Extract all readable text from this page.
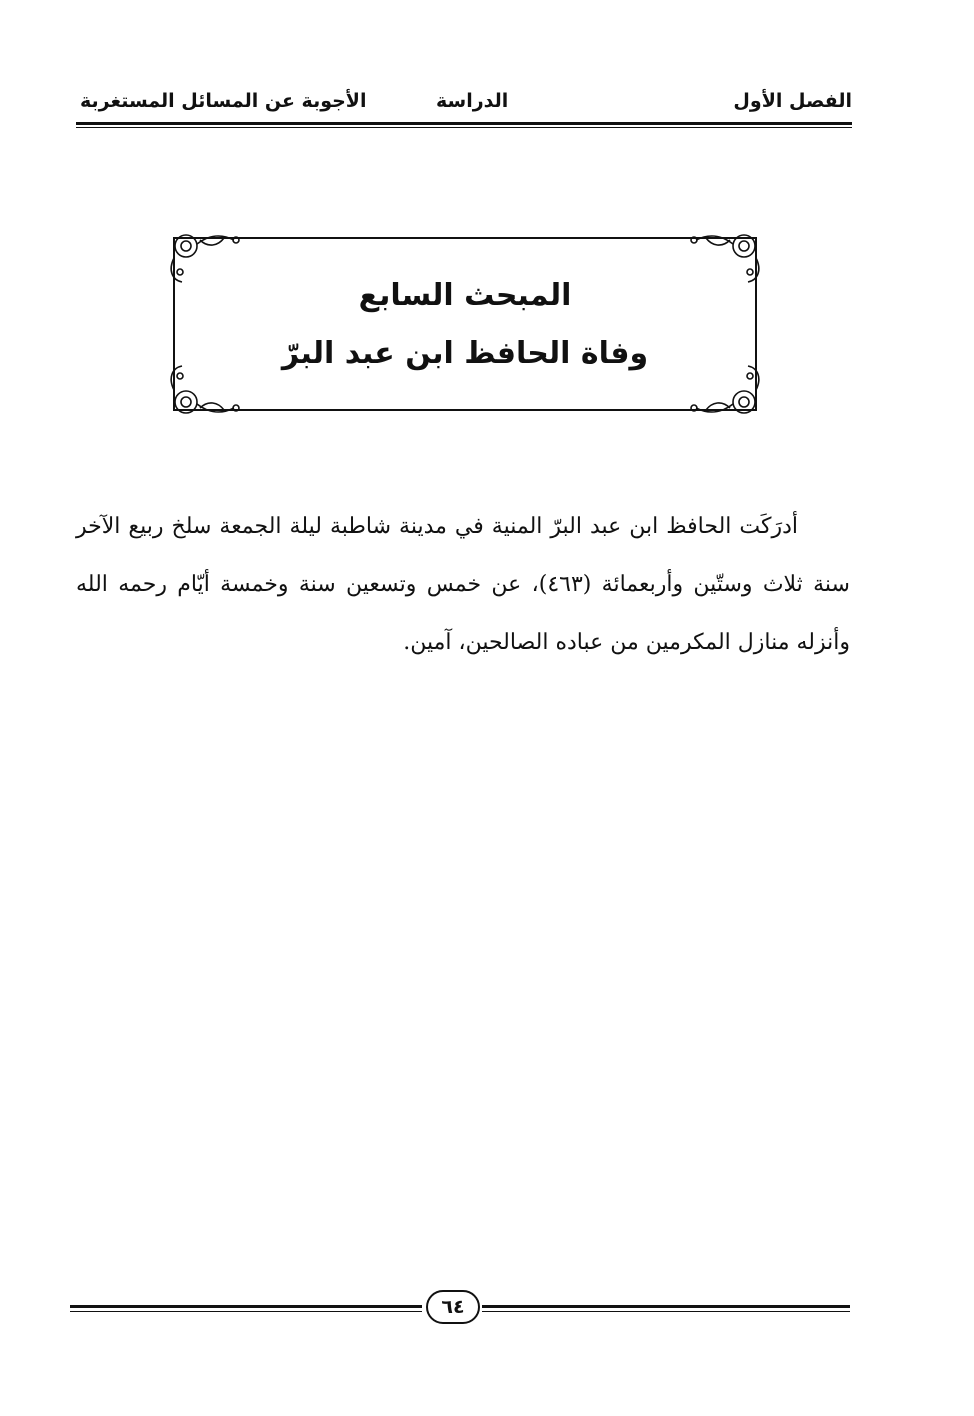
الفصل الأول
الدراسة
الأجوبة عن المسائل المستغربة
المبحث السابع
وفاة الحافظ ابن عبد البرّ

أدرَكَت الحافظ ابن عبد البرّ المنية في مدينة شاطبة ليلة الجمعة سلخ ربيع الآخر سنة ثلاث وستّين وأربعمائة (٤٦٣)، عن خمس وتسعين سنة وخمسة أيّام رحمه الله وأنزله منازل المكرمين من عباده الصالحين، آمين.

٦٤
